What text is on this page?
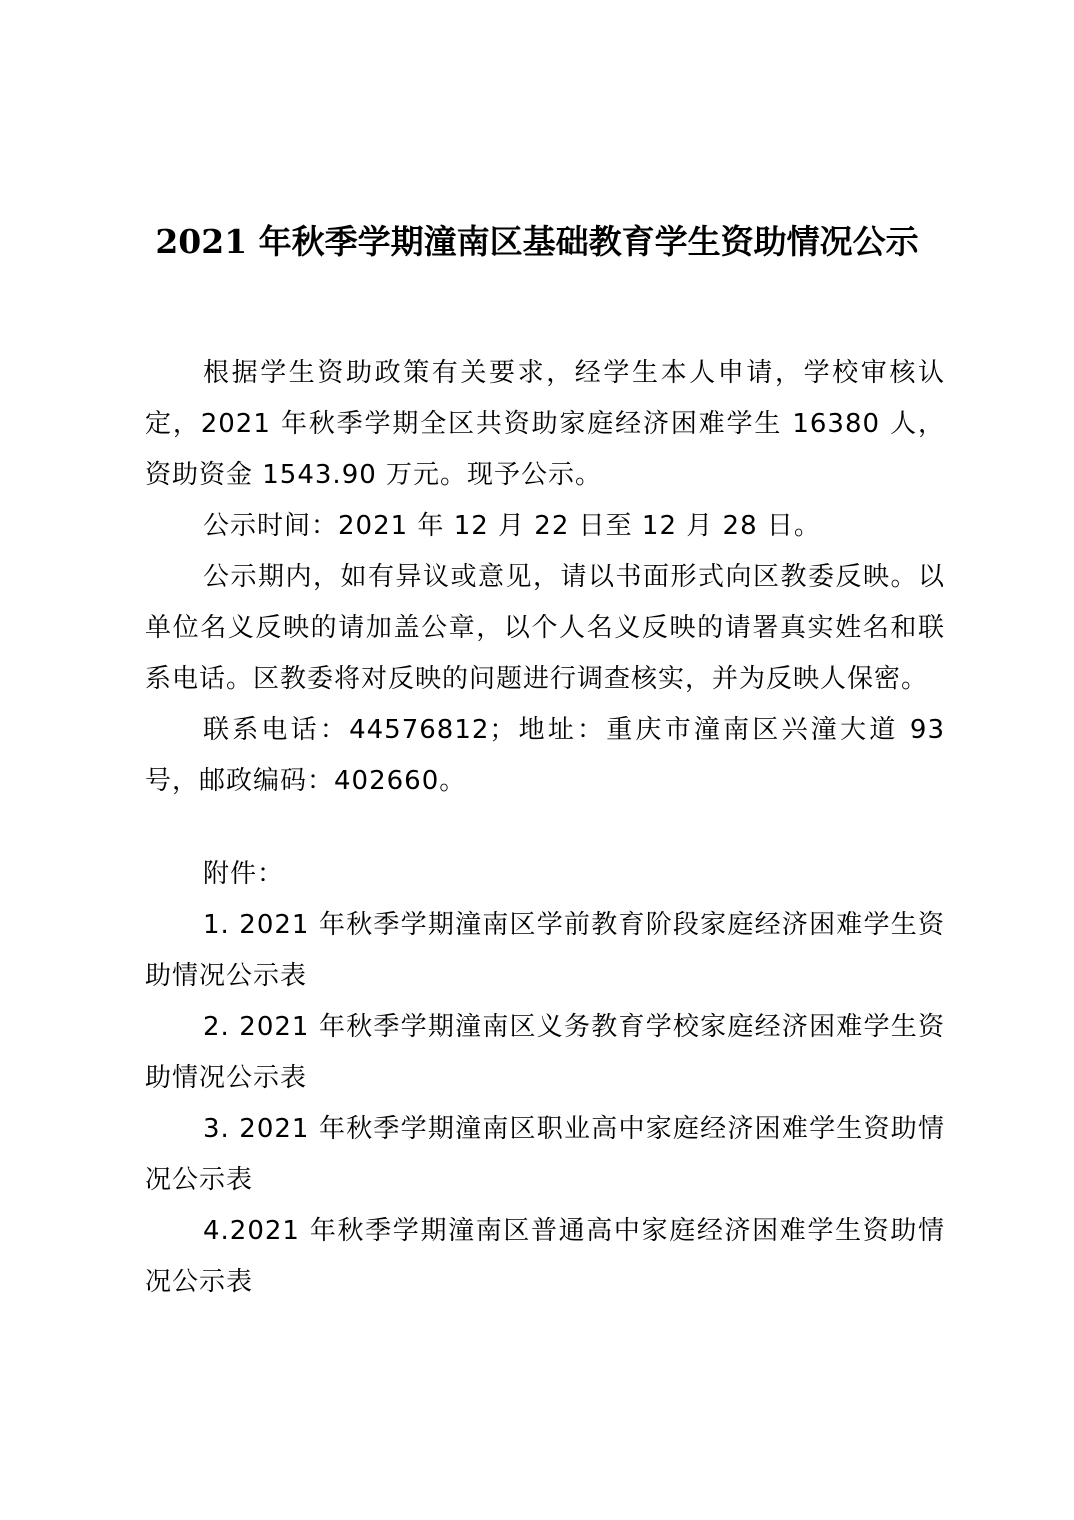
2021 年秋季学期潼南区基础教育学生资助情况公示

根据学生资助政策有关要求，经学生本人申请，学校审核认定，2021 年秋季学期全区共资助家庭经济困难学生 16380 人，资助资金 1543.90 万元。现予公示。

公示时间：2021 年 12 月 22 日至 12 月 28 日。

公示期内，如有异议或意见，请以书面形式向区教委反映。以单位名义反映的请加盖公章，以个人名义反映的请署真实姓名和联系电话。区教委将对反映的问题进行调查核实，并为反映人保密。

联系电话：44576812；地址：重庆市潼南区兴潼大道 93 号，邮政编码：402660。

附件：

1. 2021 年秋季学期潼南区学前教育阶段家庭经济困难学生资助情况公示表

2. 2021 年秋季学期潼南区义务教育学校家庭经济困难学生资助情况公示表

3. 2021 年秋季学期潼南区职业高中家庭经济困难学生资助情况公示表

4.2021 年秋季学期潼南区普通高中家庭经济困难学生资助情况公示表
